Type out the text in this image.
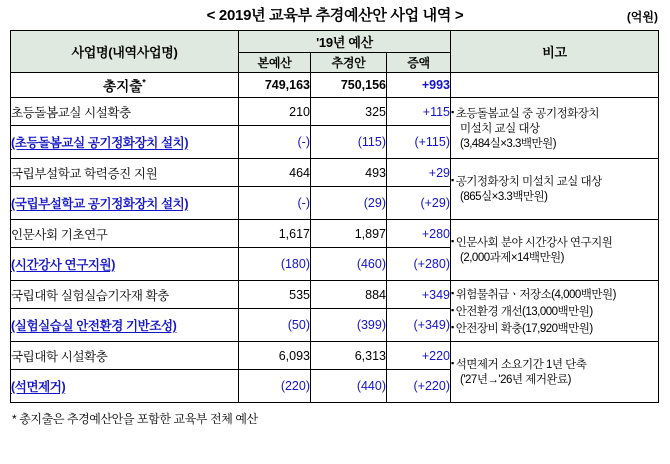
< 2019년 교육부 추경예산안 사업 내역 >	(억원)
사업명(내역사업명)	'19년 예산			비고
	본예산	추경안	증액	
총지출*	749,163	750,156	+993	
초등돌봄교실 시설확충	210	325	+115	▪ 초등돌봄교실 중 공기정화장치
미설치 교실 대상
(3,484실×3.3백만원)

(초등돌봄교실 공기정화장치 설치)	(-)	(115)	(+115)	
국립부설학교 학력증진 지원	464	493	+29	▪ 공기정화장치 미설치 교실 대상
(865실×3.3백만원)

(국립부설학교 공기정화장치 설치)	(-)	(29)	(+29)	
인문사회 기초연구	1,617	1,897	+280	▪ 인문사회 분야 시간강사 연구지원
(2,000과제×14백만원)

(시간강사 연구지원)	(180)	(460)	(+280)	
국립대학 실험실습기자재 확충	535	884	+349	▪ 위험물취급ㆍ저장소(4,000백만원)
▪ 안전환경 개선(13,000백만원)
▪ 안전장비 확충(17,920백만원)

(실험실습실 안전환경 기반조성)	(50)	(399)	(+349)	
국립대학 시설확충	6,093	6,313	+220	▪ 석면제거 소요기간 1년 단축
('27년→'26년 제거완료)

(석면제거)	(220)	(440)	(+220)	
* 총지출은 추경예산안을 포함한 교육부 전체 예산
